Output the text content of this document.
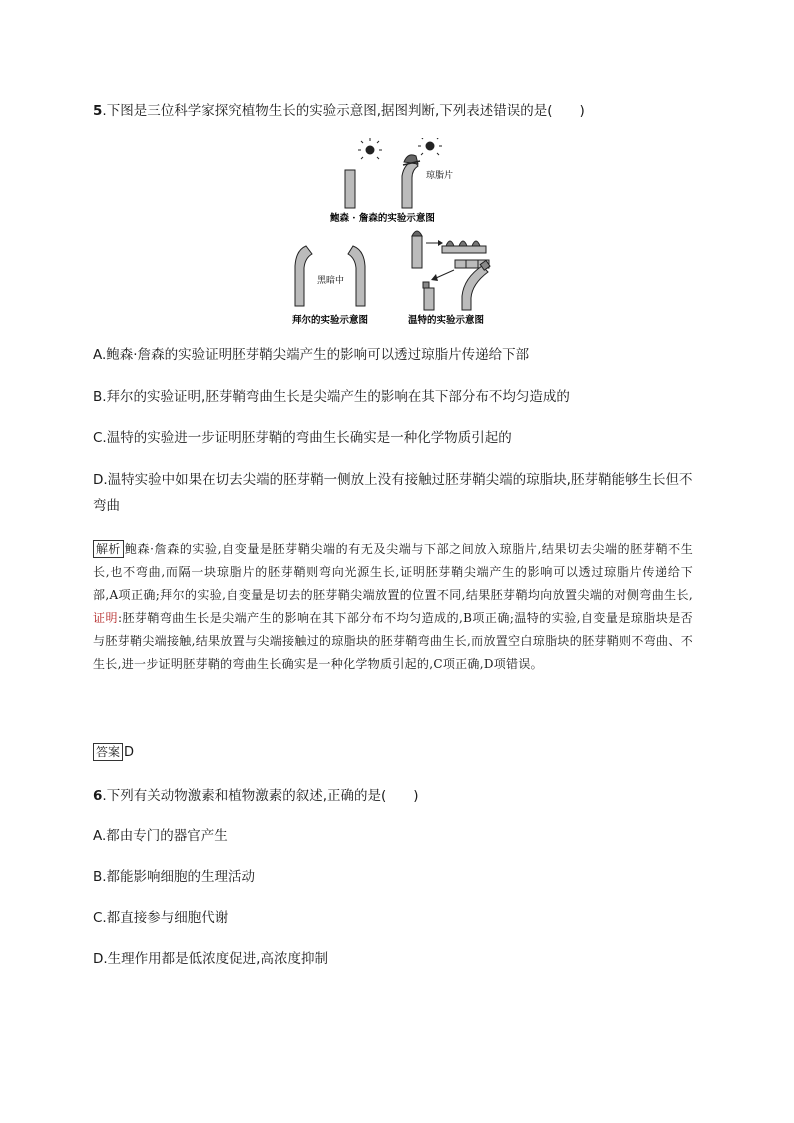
5.下图是三位科学家探究植物生长的实验示意图,据图判断,下列表述错误的是(　　)
琼脂片
鲍森 · 詹森的实验示意图
黑暗中
拜尔的实验示意图	温特的实验示意图
A.鲍森·詹森的实验证明胚芽鞘尖端产生的影响可以透过琼脂片传递给下部
B.拜尔的实验证明,胚芽鞘弯曲生长是尖端产生的影响在其下部分布不均匀造成的
C.温特的实验进一步证明胚芽鞘的弯曲生长确实是一种化学物质引起的
D.温特实验中如果在切去尖端的胚芽鞘一侧放上没有接触过胚芽鞘尖端的琼脂块,胚芽鞘能够生长但不弯曲
解析 鲍森·詹森的实验,自变量是胚芽鞘尖端的有无及尖端与下部之间放入琼脂片,结果切去尖端的胚芽鞘不生长,也不弯曲,而隔一块琼脂片的胚芽鞘则弯向光源生长,证明胚芽鞘尖端产生的影响可以透过琼脂片传递给下部,A项正确;拜尔的实验,自变量是切去的胚芽鞘尖端放置的位置不同,结果胚芽鞘均向放置尖端的对侧弯曲生长,证明:胚芽鞘弯曲生长是尖端产生的影响在其下部分布不均匀造成的,B项正确;温特的实验,自变量是琼脂块是否与胚芽鞘尖端接触,结果放置与尖端接触过的琼脂块的胚芽鞘弯曲生长,而放置空白琼脂块的胚芽鞘则不弯曲、不生长,进一步证明胚芽鞘的弯曲生长确实是一种化学物质引起的,C项正确,D项错误。
答案 D
6.下列有关动物激素和植物激素的叙述,正确的是(　　)
A.都由专门的器官产生
B.都能影响细胞的生理活动
C.都直接参与细胞代谢
D.生理作用都是低浓度促进,高浓度抑制
